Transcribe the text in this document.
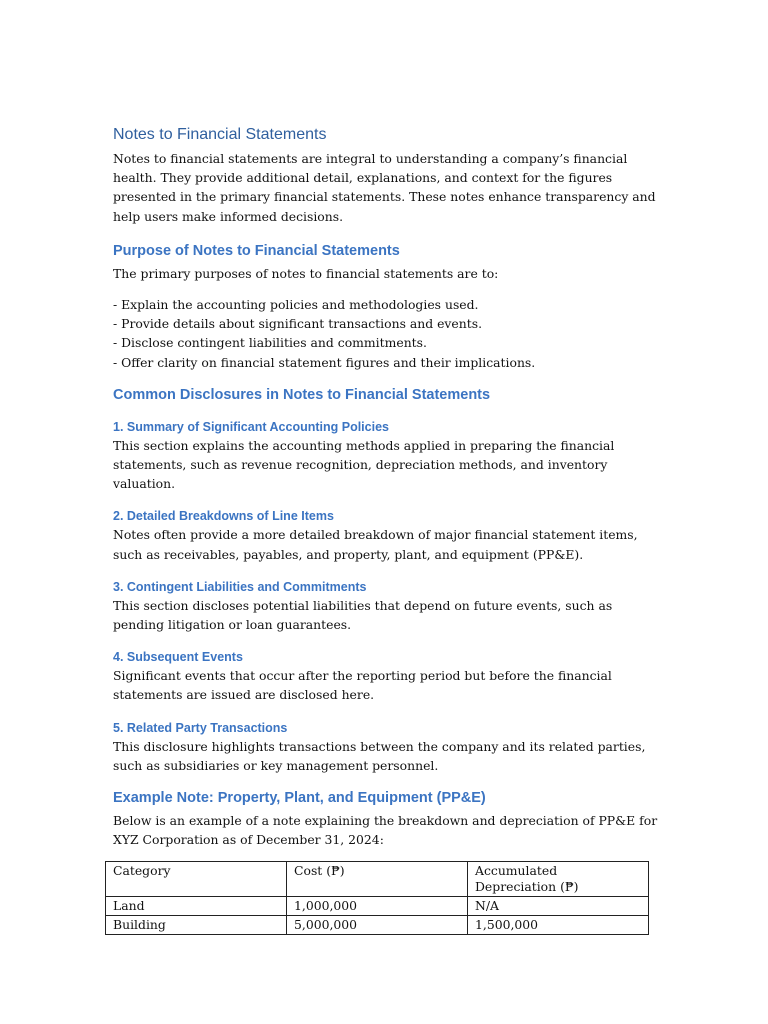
Notes to Financial Statements

Notes to financial statements are integral to understanding a company’s financial health. They provide additional detail, explanations, and context for the figures presented in the primary financial statements. These notes enhance transparency and help users make informed decisions.

Purpose of Notes to Financial Statements

The primary purposes of notes to financial statements are to:

- Explain the accounting policies and methodologies used.

- Provide details about significant transactions and events.

- Disclose contingent liabilities and commitments.

- Offer clarity on financial statement figures and their implications.

Common Disclosures in Notes to Financial Statements
1. Summary of Significant Accounting Policies

This section explains the accounting methods applied in preparing the financial statements, such as revenue recognition, depreciation methods, and inventory valuation.

2. Detailed Breakdowns of Line Items

Notes often provide a more detailed breakdown of major financial statement items, such as receivables, payables, and property, plant, and equipment (PP&E).

3. Contingent Liabilities and Commitments

This section discloses potential liabilities that depend on future events, such as pending litigation or loan guarantees.

4. Subsequent Events

Significant events that occur after the reporting period but before the financial statements are issued are disclosed here.

5. Related Party Transactions

This disclosure highlights transactions between the company and its related parties, such as subsidiaries or key management personnel.

Example Note: Property, Plant, and Equipment (PP&E)

Below is an example of a note explaining the breakdown and depreciation of PP&E for XYZ Corporation as of December 31, 2024:

Category	Cost (₱)	Accumulated Depreciation (₱)
Land	1,000,000	N/A
Building	5,000,000	1,500,000
